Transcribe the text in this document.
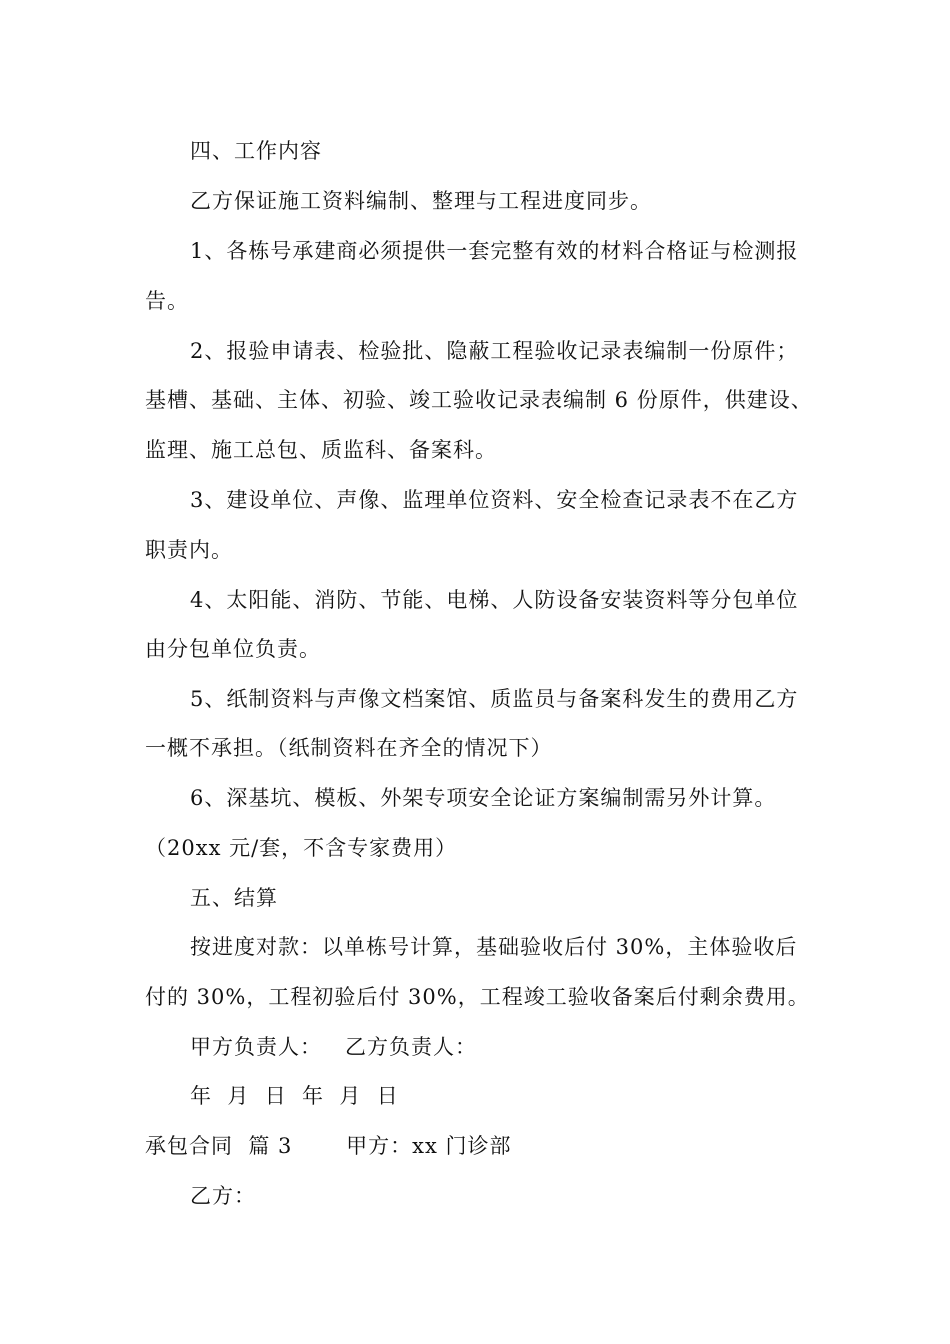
四、工作内容
乙方保证施工资料编制、整理与工程进度同步。
1、各栋号承建商必须提供一套完整有效的材料合格证与检测报
告。
2、报验申请表、检验批、隐蔽工程验收记录表编制一份原件；
基槽、基础、主体、初验、竣工验收记录表编制 6 份原件，供建设、
监理、施工总包、质监科、备案科。
3、建设单位、声像、监理单位资料、安全检查记录表不在乙方
职责内。
4、太阳能、消防、节能、电梯、人防设备安装资料等分包单位
由分包单位负责。
5、纸制资料与声像文档案馆、质监员与备案科发生的费用乙方
一概不承担。（纸制资料在齐全的情况下）
6、深基坑、模板、外架专项安全论证方案编制需另外计算。
（20xx 元/套，不含专家费用）
五、结算
按进度对款：以单栋号计算，基础验收后付 30%，主体验收后
付的 30%，工程初验后付 30%，工程竣工验收备案后付剩余费用。
甲方负责人：   乙方负责人：
年  月  日  年  月  日
承包合同  篇 3       甲方：xx 门诊部
乙方：
